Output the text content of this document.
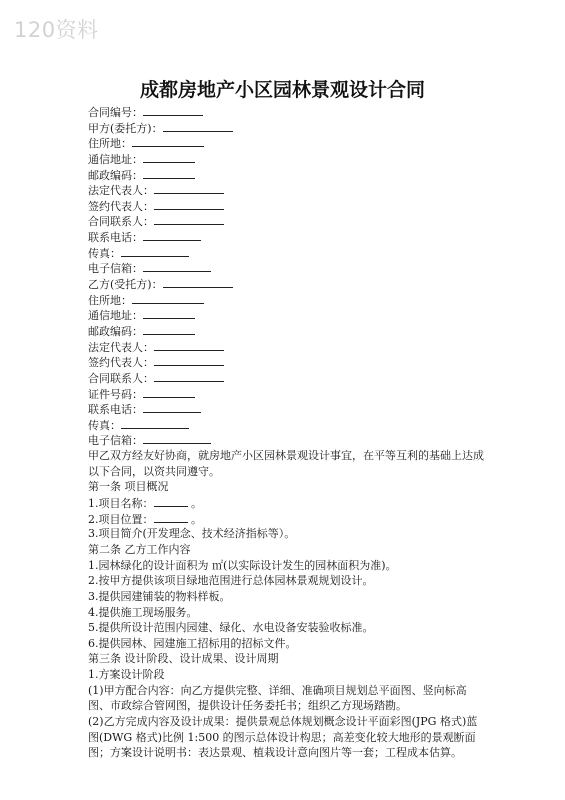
120资料
成都房地产小区园林景观设计合同
合同编号：
甲方(委托方)：
住所地：
通信地址：
邮政编码：
法定代表人：
签约代表人：
合同联系人：
联系电话：
传真：
电子信箱：
乙方(受托方)：
住所地：
通信地址：
邮政编码：
法定代表人：
签约代表人：
合同联系人：
证件号码：
联系电话：
传真：
电子信箱：
甲乙双方经友好协商，就房地产小区园林景观设计事宜，在平等互利的基础上达成以下合同，以资共同遵守。
第一条 项目概况
1.项目名称：	。
2.项目位置：	。
3.项目简介(开发理念、技术经济指标等）。
第二条 乙方工作内容
1.园林绿化的设计面积为 ㎡(以实际设计发生的园林面积为准)。
2.按甲方提供该项目绿地范围进行总体园林景观规划设计。
3.提供园建铺装的物料样板。
4.提供施工现场服务。
5.提供所设计范围内园建、绿化、水电设备安装验收标准。
6.提供园林、园建施工招标用的招标文件。
第三条 设计阶段、设计成果、设计周期
1.方案设计阶段
(1)甲方配合内容：向乙方提供完整、详细、准确项目规划总平面图、竖向标高图、市政综合管网图，提供设计任务委托书；组织乙方现场踏勘。
(2)乙方完成内容及设计成果：提供景观总体规划概念设计平面彩图(JPG 格式)蓝图(DWG 格式)比例 1:500 的图示总体设计构思；高差变化较大地形的景观断面图；方案设计说明书：表达景观、植栽设计意向图片等一套；工程成本估算。
